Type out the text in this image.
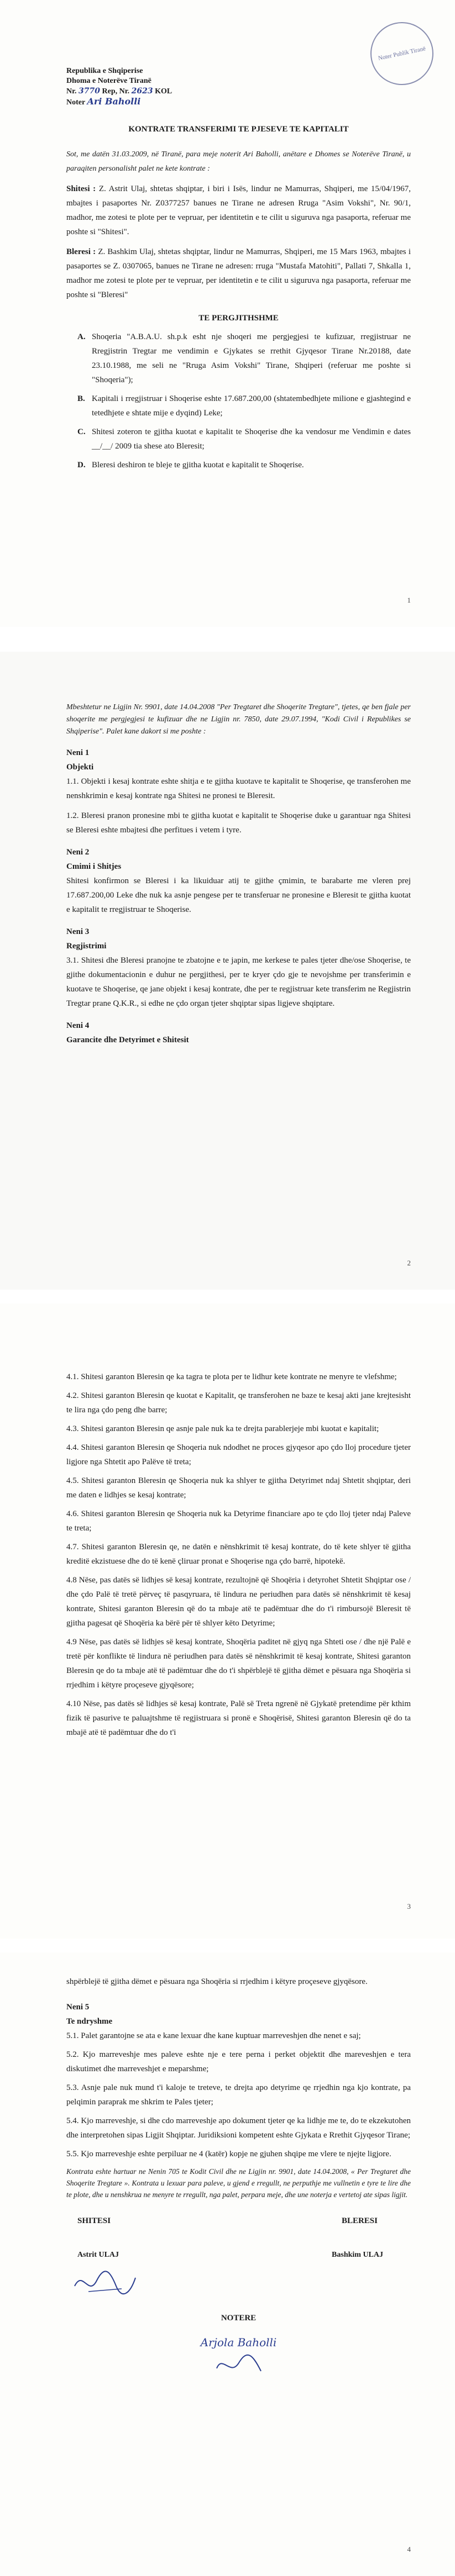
Noter Publik Tiranë
Republika e Shqiperise
Dhoma e Noterëve Tiranë
Nr. 3770 Rep, Nr. 2623 KOL
Noter Ari Baholli
KONTRATE TRANSFERIMI TE PJESEVE TE KAPITALIT

Sot, me datën 31.03.2009, në Tiranë, para meje noterit Ari Baholli, anëtare e Dhomes se Noterëve Tiranë, u paraqiten personalisht palet ne kete kontrate :

Shitesi : Z. Astrit Ulaj, shtetas shqiptar, i biri i Isës, lindur ne Mamurras, Shqiperi, me 15/04/1967, mbajtes i pasaportes Nr. Z0377257 banues ne Tirane ne adresen Rruga "Asim Vokshi", Nr. 90/1, madhor, me zotesi te plote per te vepruar, per identitetin e te cilit u siguruva nga pasaporta, referuar me poshte si "Shitesi".

Bleresi : Z. Bashkim Ulaj, shtetas shqiptar, lindur ne Mamurras, Shqiperi, me 15 Mars 1963, mbajtes i pasaportes se Z. 0307065, banues ne Tirane ne adresen: rruga "Mustafa Matohiti", Pallati 7, Shkalla 1, madhor me zotesi te plote per te vepruar, per identitetin e te cilit u siguruva nga pasaporta, referuar me poshte si "Bleresi"

TE PERGJITHSHME
A. Shoqeria "A.B.A.U. sh.p.k esht nje shoqeri me pergjegjesi te kufizuar, rregjistruar ne Rregjistrin Tregtar me vendimin e Gjykates se rrethit Gjyqesor Tirane Nr.20188, date 23.10.1988, me seli ne "Rruga Asim Vokshi" Tirane, Shqiperi (referuar me poshte si "Shoqeria");
B. Kapitali i rregjistruar i Shoqerise eshte 17.687.200,00 (shtatembedhjete milione e gjashtegind e tetedhjete e shtate mije e dyqind) Leke;
C. Shitesi zoteron te gjitha kuotat e kapitalit te Shoqerise dhe ka vendosur me Vendimin e dates __/__/ 2009 tia shese ato Bleresit;
D. Bleresi deshiron te bleje te gjitha kuotat e kapitalit te Shoqerise.
1

Mbeshtetur ne Ligjin Nr. 9901, date 14.04.2008 "Per Tregtaret dhe Shoqerite Tregtare", tjetes, qe ben fjale per shoqerite me pergjegjesi te kufizuar dhe ne Ligjin nr. 7850, date 29.07.1994, "Kodi Civil i Republikes se Shqiperise". Palet kane dakort si me poshte :

Neni 1
Objekti

1.1. Objekti i kesaj kontrate eshte shitja e te gjitha kuotave te kapitalit te Shoqerise, qe transferohen me nenshkrimin e kesaj kontrate nga Shitesi ne pronesi te Bleresit.

1.2. Bleresi pranon pronesine mbi te gjitha kuotat e kapitalit te Shoqerise duke u garantuar nga Shitesi se Bleresi eshte mbajtesi dhe perfitues i vetem i tyre.

Neni 2
Cmimi i Shitjes

Shitesi konfirmon se Bleresi i ka likuiduar atij te gjithe çmimin, te barabarte me vleren prej 17.687.200,00 Leke dhe nuk ka asnje pengese per te transferuar ne pronesine e Bleresit te gjitha kuotat e kapitalit te rregjistruar te Shoqerise.

Neni 3
Regjistrimi

3.1. Shitesi dhe Bleresi pranojne te zbatojne e te japin, me kerkese te pales tjeter dhe/ose Shoqerise, te gjithe dokumentacionin e duhur ne pergjithesi, per te kryer çdo gje te nevojshme per transferimin e kuotave te Shoqerise, qe jane objekt i kesaj kontrate, dhe per te regjistruar kete transferim ne Regjistrin Tregtar prane Q.K.R., si edhe ne çdo organ tjeter shqiptar sipas ligjeve shqiptare.

Neni 4
Garancite dhe Detyrimet e Shitesit
2

4.1. Shitesi garanton Bleresin qe ka tagra te plota per te lidhur kete kontrate ne menyre te vlefshme;

4.2. Shitesi garanton Bleresin qe kuotat e Kapitalit, qe transferohen ne baze te kesaj akti jane krejtesisht te lira nga çdo peng dhe barre;

4.3. Shitesi garanton Bleresin qe asnje pale nuk ka te drejta parablerjeje mbi kuotat e kapitalit;

4.4. Shitesi garanton Bleresin qe Shoqeria nuk ndodhet ne proces gjyqesor apo çdo lloj procedure tjeter ligjore nga Shtetit apo Palëve të treta;

4.5. Shitesi garanton Bleresin qe Shoqeria nuk ka shlyer te gjitha Detyrimet ndaj Shtetit shqiptar, deri me daten e lidhjes se kesaj kontrate;

4.6. Shitesi garanton Bleresin qe Shoqeria nuk ka Detyrime financiare apo te çdo lloj tjeter ndaj Paleve te treta;

4.7. Shitesi garanton Bleresin qe, ne datën e nënshkrimit të kesaj kontrate, do të kete shlyer të gjitha kreditë ekzistuese dhe do të kenë çliruar pronat e Shoqerise nga çdo barrë, hipotekë.

4.8 Nëse, pas datës së lidhjes së kesaj kontrate, rezultojnë që Shoqëria i detyrohet Shtetit Shqiptar ose / dhe çdo Palë të tretë përveç të pasqyruara, të lindura ne periudhen para datës së nënshkrimit të kesaj kontrate, Shitesi garanton Bleresin që do ta mbaje atë te padëmtuar dhe do t'i rimbursojë Bleresit të gjitha pagesat që Shoqëria ka bërë për të shlyer këto Detyrime;

4.9 Nëse, pas datës së lidhjes së kesaj kontrate, Shoqëria paditet në gjyq nga Shteti ose / dhe një Palë e tretë për konflikte të lindura në periudhen para datës së nënshkrimit të kesaj kontrate, Shitesi garanton Bleresin qe do ta mbaje atë të padëmtuar dhe do t'i shpërblejë të gjitha dëmet e pësuara nga Shoqëria si rrjedhim i këtyre proçeseve gjyqësore;

4.10 Nëse, pas datës së lidhjes së kesaj kontrate, Palë së Treta ngrenë në Gjykatë pretendime për kthim fizik të pasurive te paluajtshme të regjistruara si pronë e Shoqërisë, Shitesi garanton Bleresin që do ta mbajë atë të padëmtuar dhe do t'i

3

shpërblejë të gjitha dëmet e pësuara nga Shoqëria si rrjedhim i këtyre proçeseve gjyqësore.

Neni 5
Te ndryshme

5.1. Palet garantojne se ata e kane lexuar dhe kane kuptuar marreveshjen dhe nenet e saj;

5.2. Kjo marreveshje mes paleve eshte nje e tere perna i perket objektit dhe mareveshjen e tera diskutimet dhe marreveshjet e meparshme;

5.3. Asnje pale nuk mund t'i kaloje te treteve, te drejta apo detyrime qe rrjedhin nga kjo kontrate, pa pelqimin paraprak me shkrim te Pales tjeter;

5.4. Kjo marreveshje, si dhe cdo marreveshje apo dokument tjeter qe ka lidhje me te, do te ekzekutohen dhe interpretohen sipas Ligjit Shqiptar. Juridiksioni kompetent eshte Gjykata e Rrethit Gjyqesor Tirane;

5.5. Kjo marreveshje eshte perpiluar ne 4 (katër) kopje ne gjuhen shqipe me vlere te njejte ligjore.

Kontrata eshte hartuar ne Nenin 705 te Kodit Civil dhe ne Ligjin nr. 9901, date 14.04.2008, « Per Tregtaret dhe Shoqerite Tregtare ». Kontrata u lexuar para paleve, u gjend e rregullt, ne perputhje me vullnetin e tyre te lire dhe te plote, dhe u nenshkrua ne menyre te rregullt, nga palet, perpara meje, dhe une noterja e vertetoj ate sipas ligjit.

SHITESI	BLERESI
Astrit ULAJ	Bashkim ULAJ
NOTERE
Arjola Baholli
4
